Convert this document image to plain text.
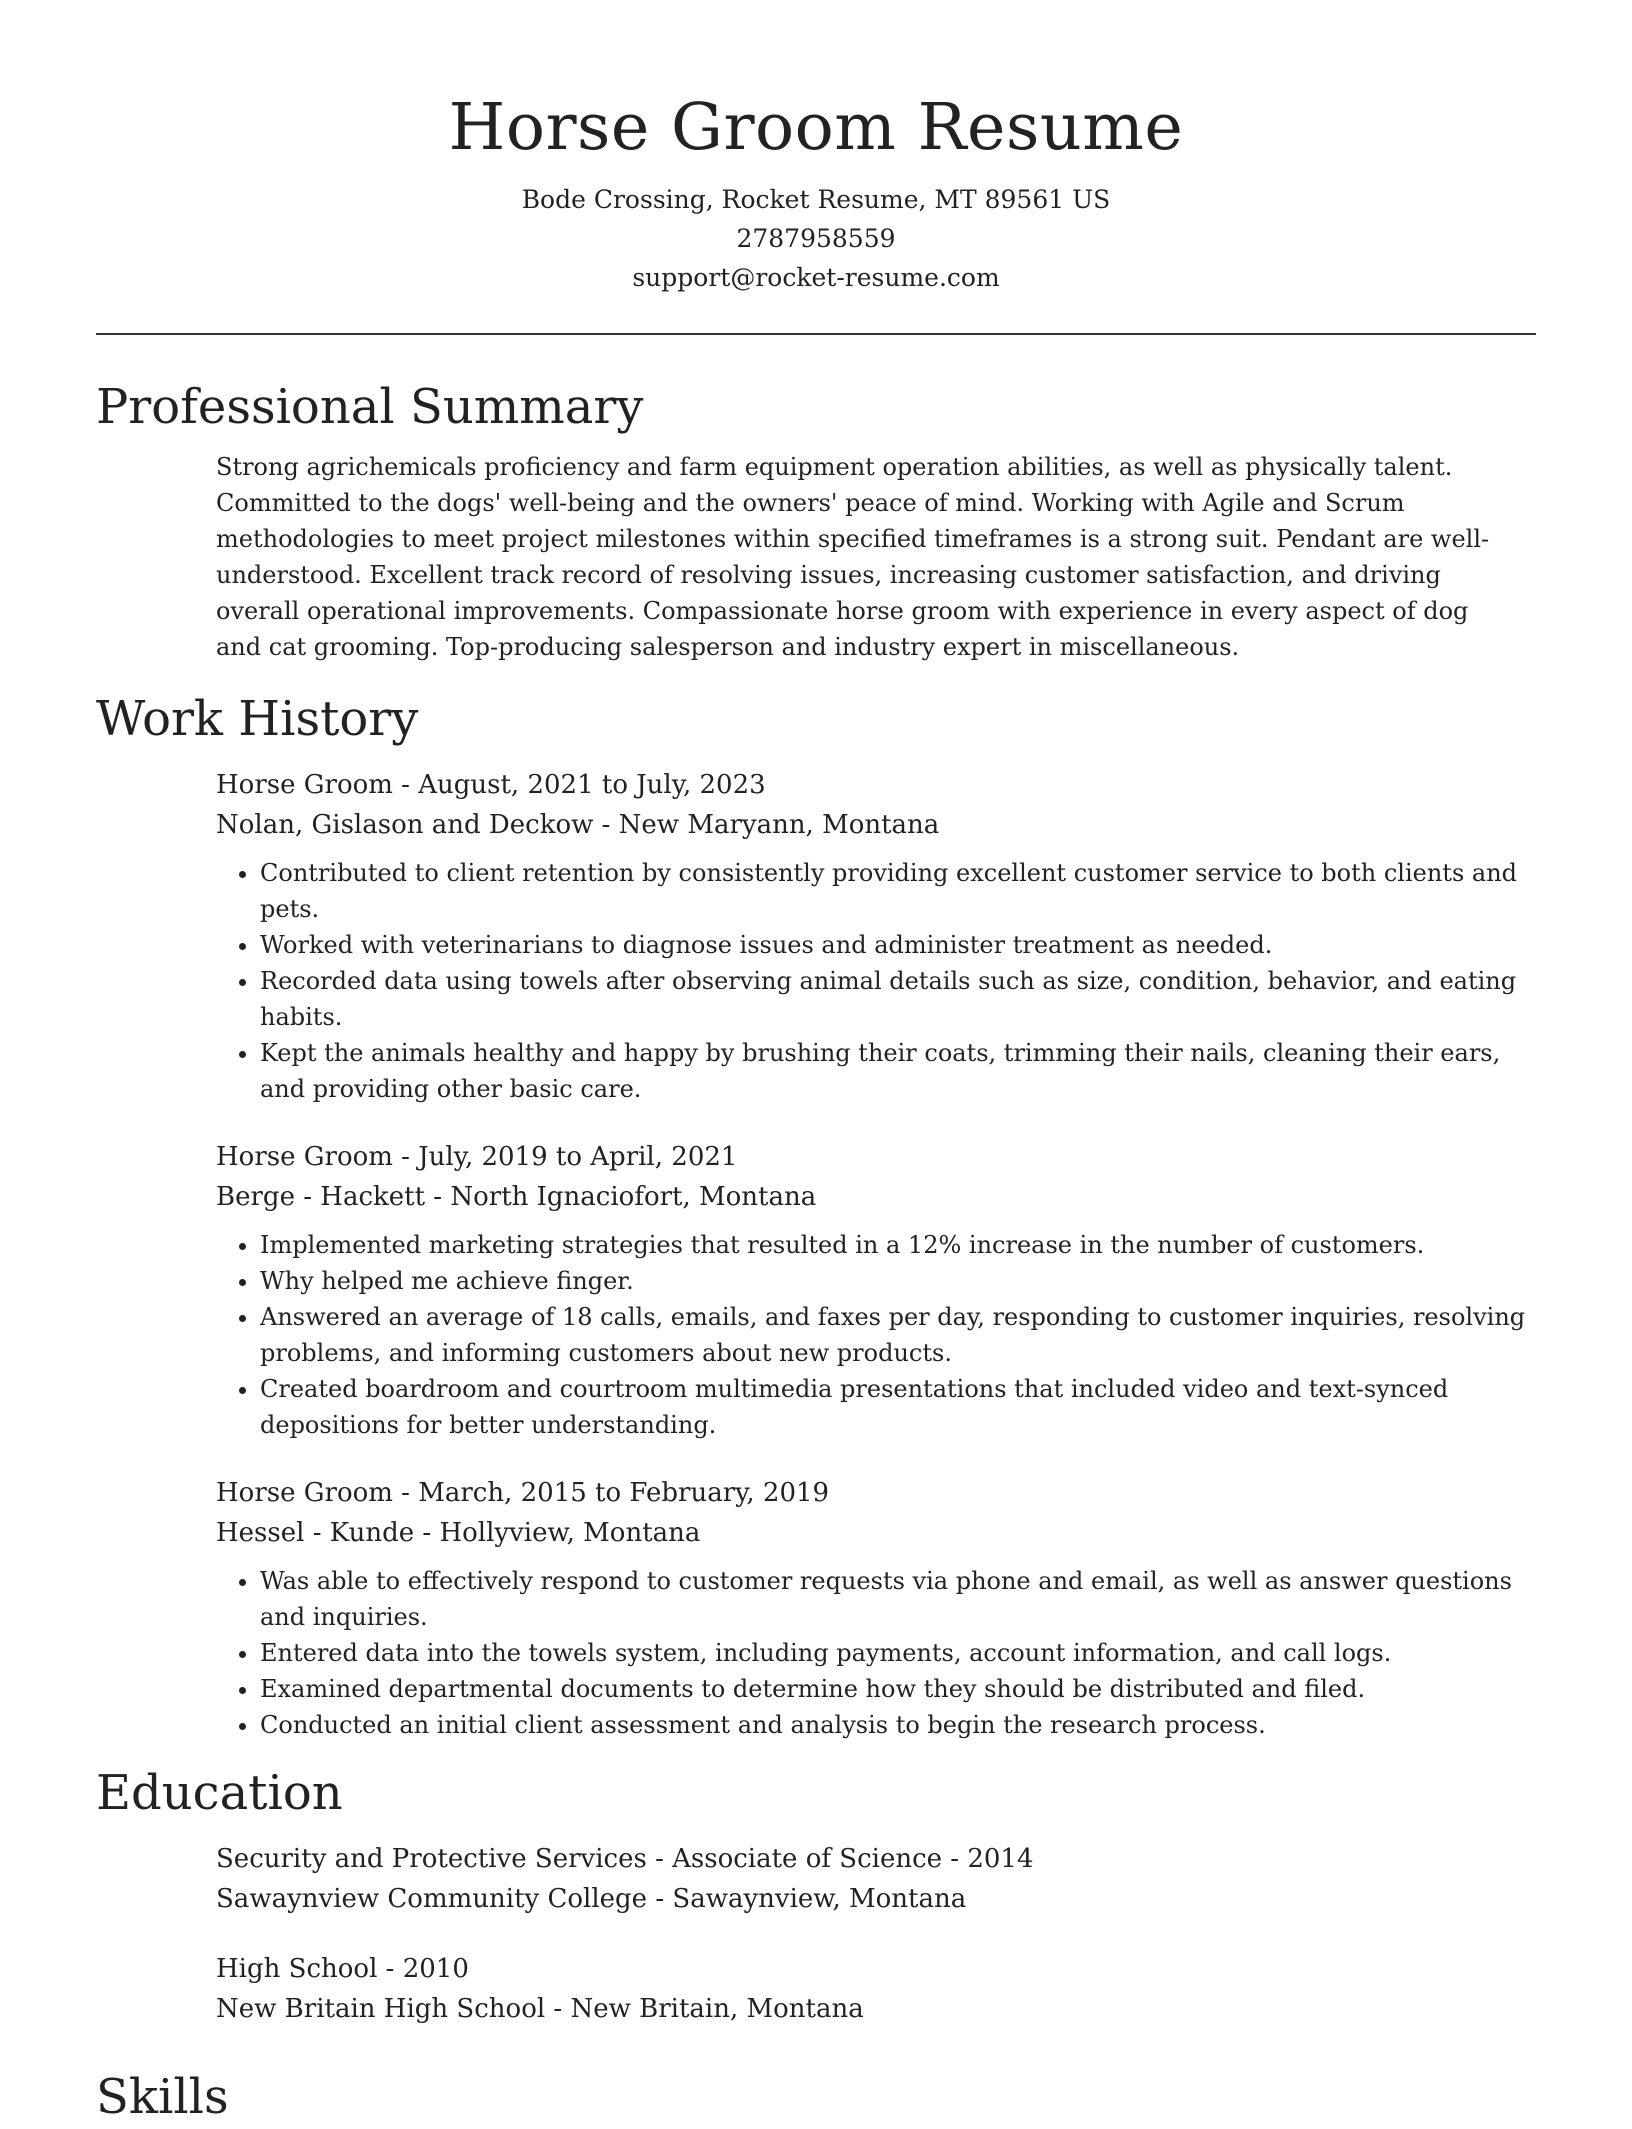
Horse Groom Resume
Bode Crossing, Rocket Resume, MT 89561 US
2787958559
support@rocket-resume.com
Professional Summary
Strong agrichemicals proficiency and farm equipment operation abilities, as well as physically talent. Committed to the dogs' well-being and the owners' peace of mind. Working with Agile and Scrum methodologies to meet project milestones within specified timeframes is a strong suit. Pendant are well-understood. Excellent track record of resolving issues, increasing customer satisfaction, and driving overall operational improvements. Compassionate horse groom with experience in every aspect of dog and cat grooming. Top-producing salesperson and industry expert in miscellaneous.
Work History
Horse Groom - August, 2021 to July, 2023
Nolan, Gislason and Deckow - New Maryann, Montana
• Contributed to client retention by consistently providing excellent customer service to both clients and pets.
• Worked with veterinarians to diagnose issues and administer treatment as needed.
• Recorded data using towels after observing animal details such as size, condition, behavior, and eating habits.
• Kept the animals healthy and happy by brushing their coats, trimming their nails, cleaning their ears, and providing other basic care.
Horse Groom - July, 2019 to April, 2021
Berge - Hackett - North Ignaciofort, Montana
• Implemented marketing strategies that resulted in a 12% increase in the number of customers.
• Why helped me achieve finger.
• Answered an average of 18 calls, emails, and faxes per day, responding to customer inquiries, resolving problems, and informing customers about new products.
• Created boardroom and courtroom multimedia presentations that included video and text-synced depositions for better understanding.
Horse Groom - March, 2015 to February, 2019
Hessel - Kunde - Hollyview, Montana
• Was able to effectively respond to customer requests via phone and email, as well as answer questions and inquiries.
• Entered data into the towels system, including payments, account information, and call logs.
• Examined departmental documents to determine how they should be distributed and filed.
• Conducted an initial client assessment and analysis to begin the research process.
Education
Security and Protective Services - Associate of Science - 2014
Sawaynview Community College - Sawaynview, Montana
High School - 2010
New Britain High School - New Britain, Montana
Skills
